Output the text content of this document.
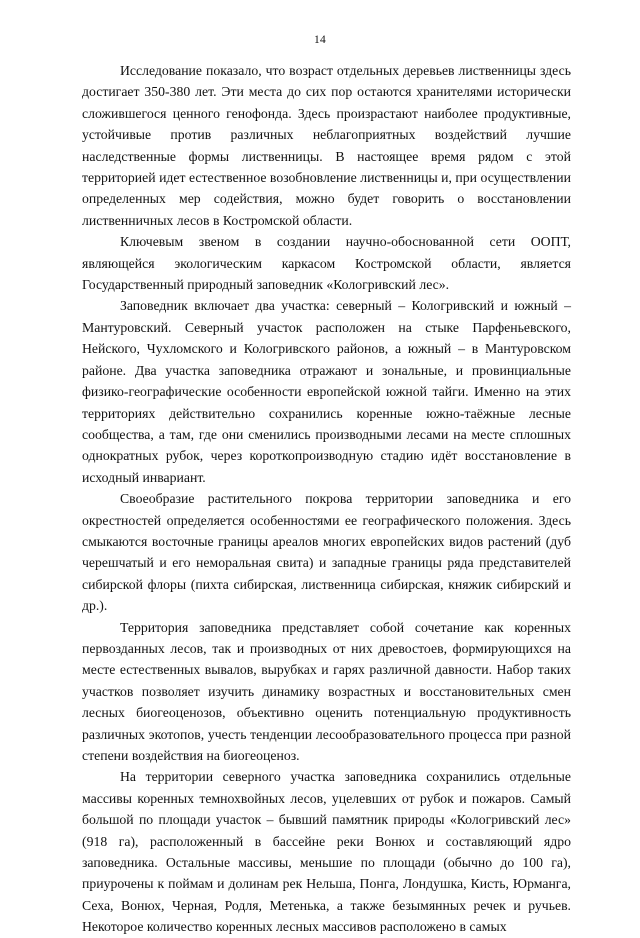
14

Исследование показало, что возраст отдельных деревьев лиственницы здесь достигает 350-380 лет. Эти места до сих пор остаются хранителями исторически сложившегося ценного генофонда. Здесь произрастают наиболее продуктивные, устойчивые против различных неблагоприятных воздействий лучшие наследственные формы лиственницы. В настоящее время рядом с этой территорией идет естественное возобновление лиственницы и, при осуществлении определенных мер содействия, можно будет говорить о восстановлении лиственничных лесов в Костромской области.

Ключевым звеном в создании научно-обоснованной сети ООПТ, являющейся экологическим каркасом Костромской области, является Государственный природный заповедник «Кологривский лес».

Заповедник включает два участка: северный – Кологривский и южный – Мантуровский. Северный участок расположен на стыке Парфеньевского, Нейского, Чухломского и Кологривского районов, а южный – в Мантуровском районе. Два участка заповедника отражают и зональные, и провинциальные физико-географические особенности европейской южной тайги. Именно на этих территориях действительно сохранились коренные южно-таёжные лесные сообщества, а там, где они сменились производными лесами на месте сплошных однократных рубок, через короткопроизводную стадию идёт восстановление в исходный инвариант.

Своеобразие растительного покрова территории заповедника и его окрестностей определяется особенностями ее географического положения. Здесь смыкаются восточные границы ареалов многих европейских видов растений (дуб черешчатый и его неморальная свита) и западные границы ряда представителей сибирской флоры (пихта сибирская, лиственница сибирская, княжик сибирский и др.).

Территория заповедника представляет собой сочетание как коренных первозданных лесов, так и производных от них древостоев, формирующихся на месте естественных вывалов, вырубках и гарях различной давности. Набор таких участков позволяет изучить динамику возрастных и восстановительных смен лесных биогеоценозов, объективно оценить потенциальную продуктивность различных экотопов, учесть тенденции лесообразовательного процесса при разной степени воздействия на биогеоценоз.

На территории северного участка заповедника сохранились отдельные массивы коренных темнохвойных лесов, уцелевших от рубок и пожаров. Самый большой по площади участок – бывший памятник природы «Кологривский лес» (918 га), расположенный в бассейне реки Вонюх и составляющий ядро заповедника. Остальные массивы, меньшие по площади (обычно до 100 га), приурочены к поймам и долинам рек Нельша, Понга, Лондушка, Кисть, Юрманга, Сеха, Вонюх, Черная, Родля, Метенька, а также безымянных речек и ручьев. Некоторое количество коренных лесных массивов расположено в самых
